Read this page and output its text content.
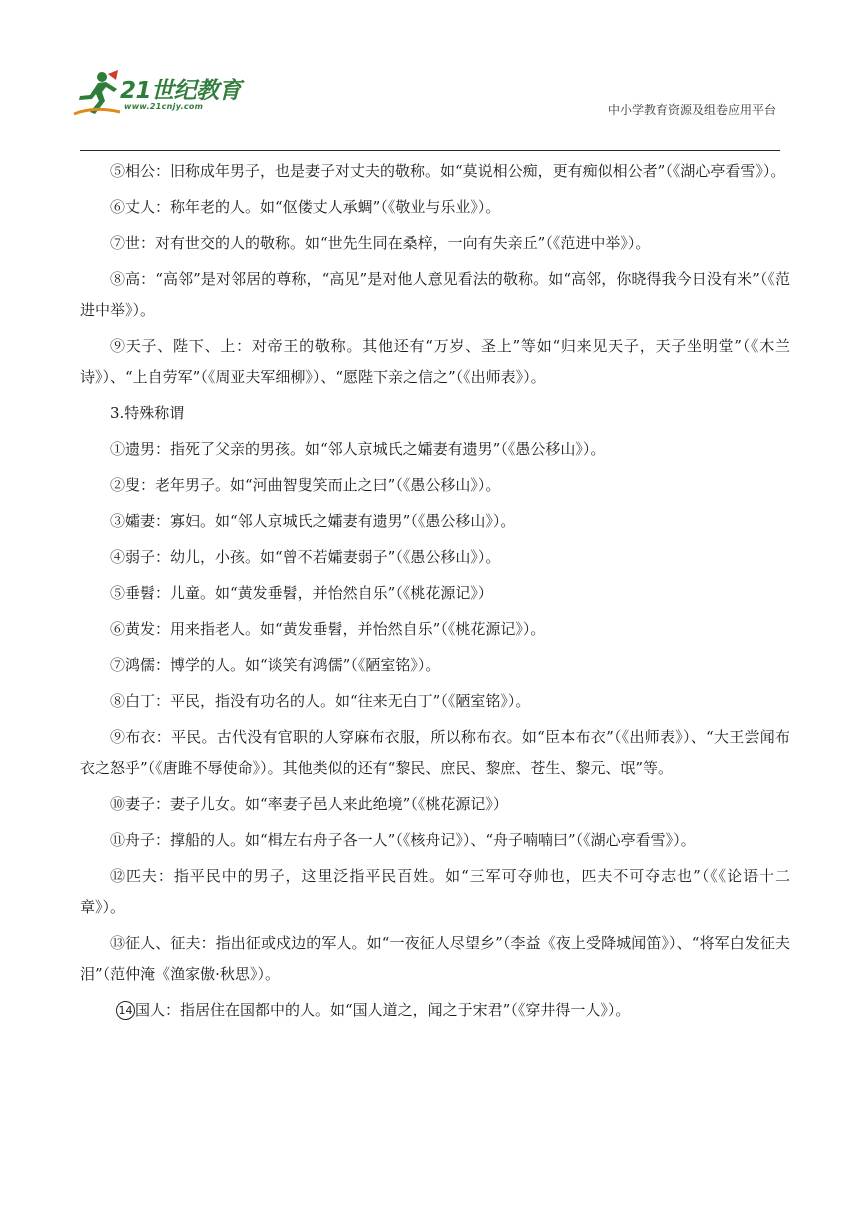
21世纪教育
www.21cnjy.com	中小学教育资源及组卷应用平台

⑤相公：旧称成年男子，也是妻子对丈夫的敬称。如“莫说相公痴，更有痴似相公者”（《湖心亭看雪》）。

⑥丈人：称年老的人。如“伛偻丈人承蜩”（《敬业与乐业》）。

⑦世：对有世交的人的敬称。如“世先生同在桑梓，一向有失亲丘”（《范进中举》）。

⑧高：“高邻”是对邻居的尊称，“高见”是对他人意见看法的敬称。如“高邻，你晓得我今日没有米”（《范进中举》）。

⑨天子、陛下、上：对帝王的敬称。其他还有“万岁、圣上”等如“归来见天子，天子坐明堂”（《木兰诗》）、“上自劳军”（《周亚夫军细柳》）、“愿陛下亲之信之”（《出师表》）。

3.特殊称谓

①遗男：指死了父亲的男孩。如“邻人京城氏之孀妻有遗男”（《愚公移山》）。

②叟：老年男子。如“河曲智叟笑而止之曰”（《愚公移山》）。

③孀妻：寡妇。如“邻人京城氏之孀妻有遗男”（《愚公移山》）。

④弱子：幼儿，小孩。如“曾不若孀妻弱子”（《愚公移山》）。

⑤垂髫：儿童。如“黄发垂髫，并怡然自乐”（《桃花源记》）

⑥黄发：用来指老人。如“黄发垂髫，并怡然自乐”（《桃花源记》）。

⑦鸿儒：博学的人。如“谈笑有鸿儒”（《陋室铭》）。

⑧白丁：平民，指没有功名的人。如“往来无白丁”（《陋室铭》）。

⑨布衣：平民。古代没有官职的人穿麻布衣服，所以称布衣。如“臣本布衣”（《出师表》）、“大王尝闻布衣之怒乎”（《唐雎不辱使命》）。其他类似的还有“黎民、庶民、黎庶、苍生、黎元、氓”等。

⑩妻子：妻子儿女。如“率妻子邑人来此绝境”（《桃花源记》）

⑪舟子：撑船的人。如“楫左右舟子各一人”（《核舟记》）、“舟子喃喃曰”（《湖心亭看雪》）。

⑫匹夫：指平民中的男子，这里泛指平民百姓。如“三军可夺帅也，匹夫不可夺志也”（《《论语十二章》）。

⑬征人、征夫：指出征或戍边的军人。如“一夜征人尽望乡”（李益《夜上受降城闻笛》）、“将军白发征夫泪”（范仲淹《渔家傲·秋思》）。

14 国人：指居住在国都中的人。如“国人道之，闻之于宋君”（《穿井得一人》）。
